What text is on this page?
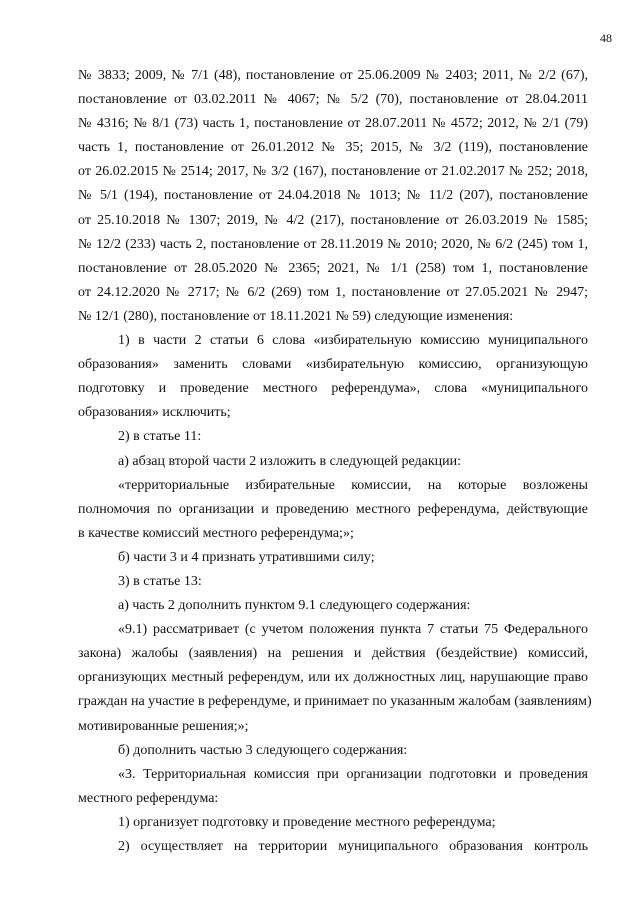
48
№ 3833; 2009, № 7/1 (48), постановление от 25.06.2009 № 2403; 2011, № 2/2 (67),
постановление от 03.02.2011 № 4067; № 5/2 (70), постановление от 28.04.2011
№ 4316; № 8/1 (73) часть 1, постановление от 28.07.2011 № 4572; 2012, № 2/1 (79)
часть 1, постановление от 26.01.2012 № 35; 2015, № 3/2 (119), постановление
от 26.02.2015 № 2514; 2017, № 3/2 (167), постановление от 21.02.2017 № 252; 2018,
№ 5/1 (194), постановление от 24.04.2018 № 1013; № 11/2 (207), постановление
от 25.10.2018 № 1307; 2019, № 4/2 (217), постановление от 26.03.2019 № 1585;
№ 12/2 (233) часть 2, постановление от 28.11.2019 № 2010; 2020, № 6/2 (245) том 1,
постановление от 28.05.2020 № 2365; 2021, № 1/1 (258) том 1, постановление
от 24.12.2020 № 2717; № 6/2 (269) том 1, постановление от 27.05.2021 № 2947;
№ 12/1 (280), постановление от 18.11.2021 № 59) следующие изменения:
1) в части 2 статьи 6 слова «избирательную комиссию муниципального
образования» заменить словами «избирательную комиссию, организующую
подготовку и проведение местного референдума», слова «муниципального
образования» исключить;
2) в статье 11:
а) абзац второй части 2 изложить в следующей редакции:
«территориальные избирательные комиссии, на которые возложены
полномочия по организации и проведению местного референдума, действующие
в качестве комиссий местного референдума;»;
б) части 3 и 4 признать утратившими силу;
3) в статье 13:
а) часть 2 дополнить пунктом 9.1 следующего содержания:
«9.1) рассматривает (с учетом положения пункта 7 статьи 75 Федерального
закона) жалобы (заявления) на решения и действия (бездействие) комиссий,
организующих местный референдум, или их должностных лиц, нарушающие право
граждан на участие в референдуме, и принимает по указанным жалобам (заявлениям)
мотивированные решения;»;
б) дополнить частью 3 следующего содержания:
«3. Территориальная комиссия при организации подготовки и проведения
местного референдума:
1) организует подготовку и проведение местного референдума;
2) осуществляет на территории муниципального образования контроль
